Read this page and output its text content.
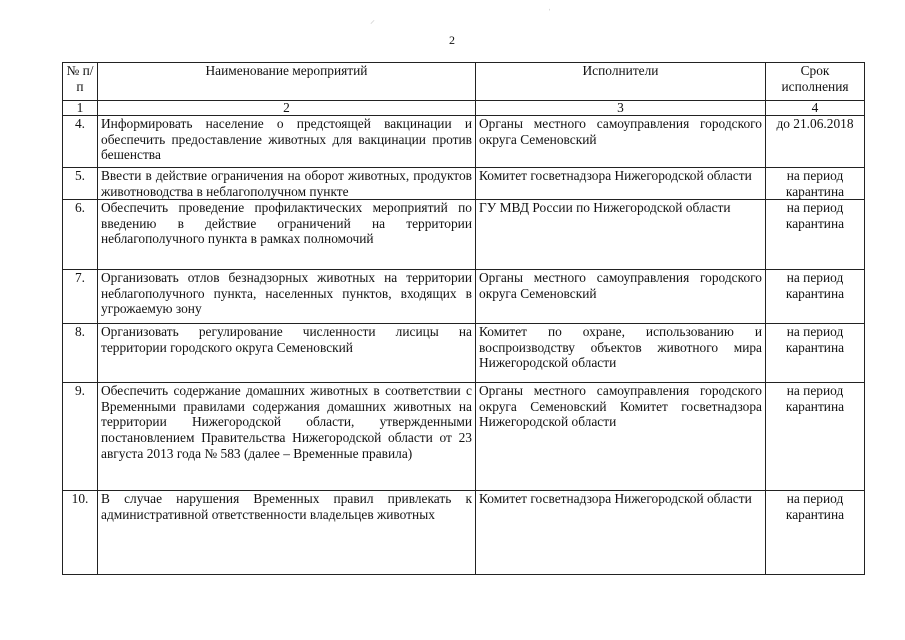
⸝
ˈ
2
№ п/п	Наименование мероприятий	Исполнители	Срок исполнения
1	2	3	4
4.	Информировать население о предстоящей вакцинации и обеспечить предоставление животных для вакцинации против бешенства	Органы местного самоуправления городского округа Семеновский	до 21.06.2018
5.	Ввести в действие ограничения на оборот животных, продуктов животноводства в неблагополучном пункте	Комитет госветнадзора Нижегородской области	на период карантина
6.	Обеспечить проведение профилактических мероприятий по введению в действие ограничений на территории неблагополучного пункта в рамках полномочий	ГУ МВД России по Нижегородской области	на период карантина
7.	Организовать отлов безнадзорных животных на территории неблагополучного пункта, населенных пунктов, входящих в угрожаемую зону	Органы местного самоуправления городского округа Семеновский	на период карантина
8.	Организовать регулирование численности лисицы на территории городского округа Семеновский	Комитет по охране, использованию и воспроизводству объектов животного мира Нижегородской области	на период карантина
9.	Обеспечить содержание домашних животных в соответствии с Временными правилами содержания домашних животных на территории Нижегородской области, утвержденными постановлением Правительства Нижегородской области от 23 августа 2013 года № 583 (далее – Временные правила)	Органы местного самоуправления городского округа Семеновский Комитет госветнадзора Нижегородской области	на период карантина
10.	В случае нарушения Временных правил привлекать к административной ответственности владельцев животных	Комитет госветнадзора Нижегородской области	на период карантина
